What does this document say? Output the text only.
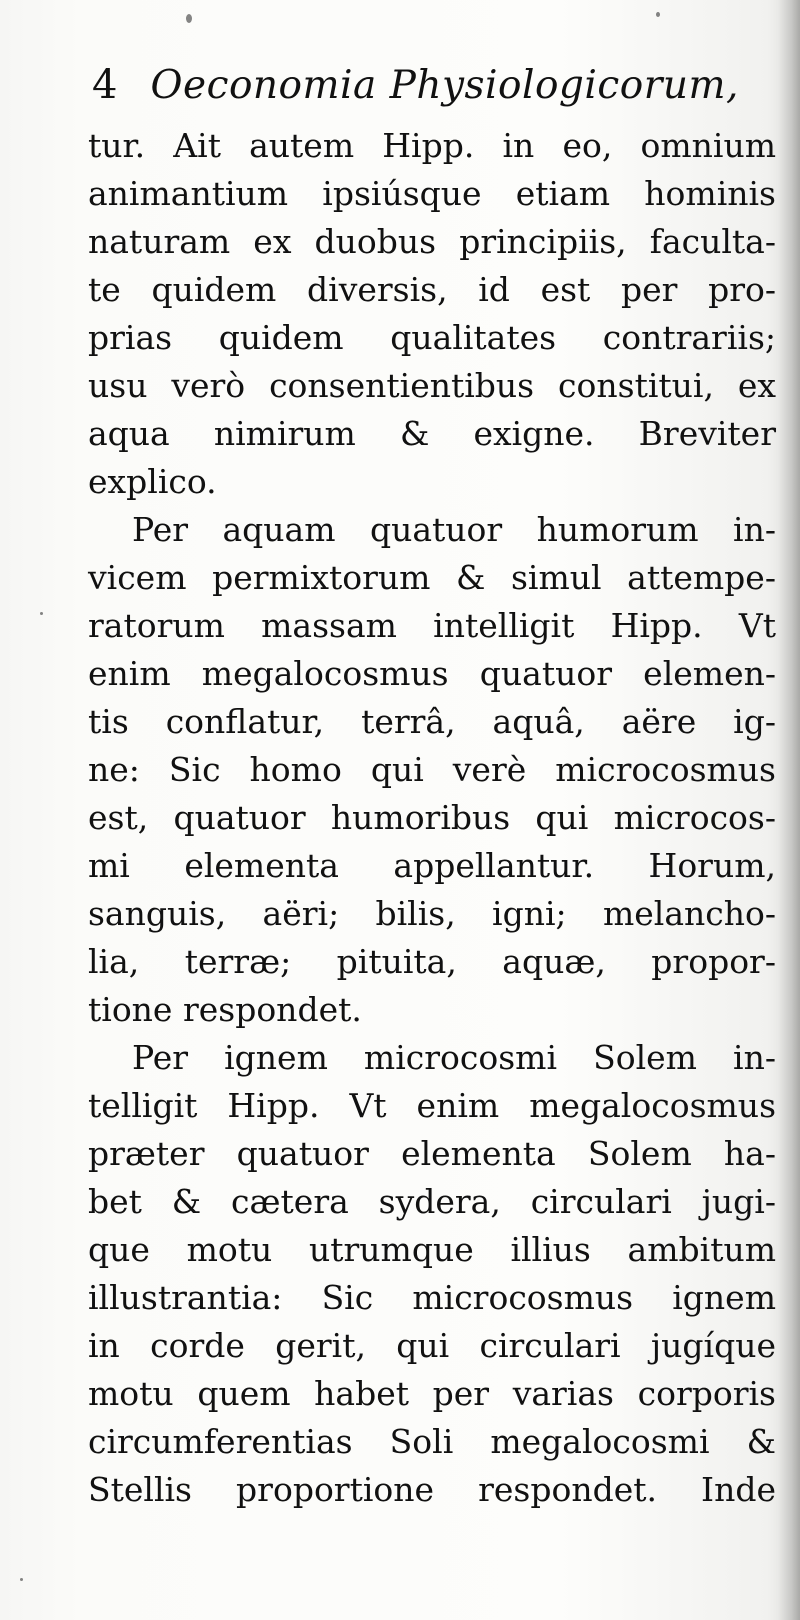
4 Oeconomia Physiologicorum,
tur. Ait autem Hipp. in eo, omnium
animantium ipsiúsque etiam hominis
naturam ex duobus principiis, faculta-
te quidem diversis, id est per pro-
prias quidem qualitates contrariis;
usu verò consentientibus constitui, ex
aqua nimirum & exigne. Breviter
explico.
Per aquam quatuor humorum in-
vicem permixtorum & simul attempe-
ratorum massam intelligit Hipp. Vt
enim megalocosmus quatuor elemen-
tis conflatur, terrâ, aquâ, aëre ig-
ne: Sic homo qui verè microcosmus
est, quatuor humoribus qui microcos-
mi elementa appellantur. Horum,
sanguis, aëri; bilis, igni; melancho-
lia, terræ; pituita, aquæ, propor-
tione respondet.
Per ignem microcosmi Solem in-
telligit Hipp. Vt enim megalocosmus
præter quatuor elementa Solem ha-
bet & cætera sydera, circulari jugi-
que motu utrumque illius ambitum
illustrantia: Sic microcosmus ignem
in corde gerit, qui circulari jugíque
motu quem habet per varias corporis
circumferentias Soli megalocosmi &
Stellis proportione respondet. Inde
